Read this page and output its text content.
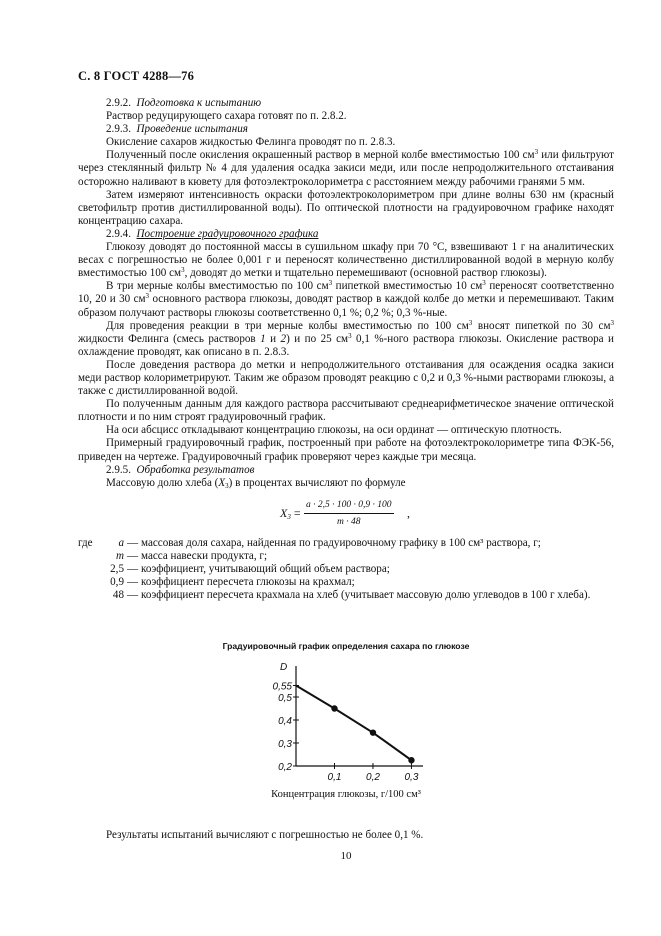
С. 8 ГОСТ 4288—76

2.9.2. Подготовка к испытанию

Раствор редуцирующего сахара готовят по п. 2.8.2.

2.9.3. Проведение испытания

Окисление сахаров жидкостью Фелинга проводят по п. 2.8.3.

Полученный после окисления окрашенный раствор в мерной колбе вместимостью 100 $см^3$ или фильтруют через стеклянный фильтр № 4 для удаления осадка закиси меди, или после непродолжительного отстаивания осторожно наливают в кювету для фотоэлектроколориметра с расстоянием между рабочими гранями 5 мм.

Затем измеряют интенсивность окраски фотоэлектроколориметром при длине волны 630 нм (красный светофильтр против дистиллированной воды). По оптической плотности на градуировочном графике находят концентрацию сахара.

2.9.4. Построение градуировочного графика

Глюкозу доводят до постоянной массы в сушильном шкафу при 70 °С, взвешивают 1 г на аналитических весах с погрешностью не более 0,001 г и переносят количественно дистиллированной водой в мерную колбу вместимостью 100 $см^3$, доводят до метки и тщательно перемешивают (основной раствор глюкозы).

В три мерные колбы вместимостью по 100 $см^3$ пипеткой вместимостью 10 $см^3$ переносят соответственно 10, 20 и 30 $см^3$ основного раствора глюкозы, доводят раствор в каждой колбе до метки и перемешивают. Таким образом получают растворы глюкозы соответственно 0,1 %; 0,2 %; 0,3 %-ные.

Для проведения реакции в три мерные колбы вместимостью по 100 $см^3$ вносят пипеткой по 30 $см^3$ жидкости Фелинга (смесь растворов 1 и 2) и по 25 $см^3$ 0,1 %-ного раствора глюкозы. Окисление раствора и охлаждение проводят, как описано в п. 2.8.3.

После доведения раствора до метки и непродолжительного отстаивания для осаждения осадка закиси меди раствор колориметрируют. Таким же образом проводят реакцию с 0,2 и 0,3 %-ными растворами глюкозы, а также с дистиллированной водой.

По полученным данным для каждого раствора рассчитывают среднеарифметическое значение оптической плотности и по ним строят градуировочный график.

На оси абсцисс откладывают концентрацию глюкозы, на оси ординат — оптическую плотность.

Примерный градуировочный график, построенный при работе на фотоэлектроколориметре типа ФЭК-56, приведен на чертеже. Градуировочный график проверяют через каждые три месяца.

2.9.5. Обработка результатов

Массовую долю хлеба $(X_3)$ в процентах вычисляют по формуле

$X_3 = \frac{a \cdot 2,5 \cdot 100 \cdot 0,9 \cdot 100}{m \cdot 48}$ ,
где	a — массовая доля сахара, найденная по градуировочному графику в 100 см³ раствора, г;
m — масса навески продукта, г;
2,5 — коэффициент, учитывающий общий объем раствора;
0,9 — коэффициент пересчета глюкозы на крахмал;
48 — коэффициент пересчета крахмала на хлеб (учитывает массовую долю углеводов в 100 г хлеба).
Градуировочный график определения сахара по глюкозе
D
0,2
0,3
0,4
0,5
0,55
0,1 0,2 0,3
Концентрация глюкозы, г/100 см³
Результаты испытаний вычисляют с погрешностью не более 0,1 %.
10
